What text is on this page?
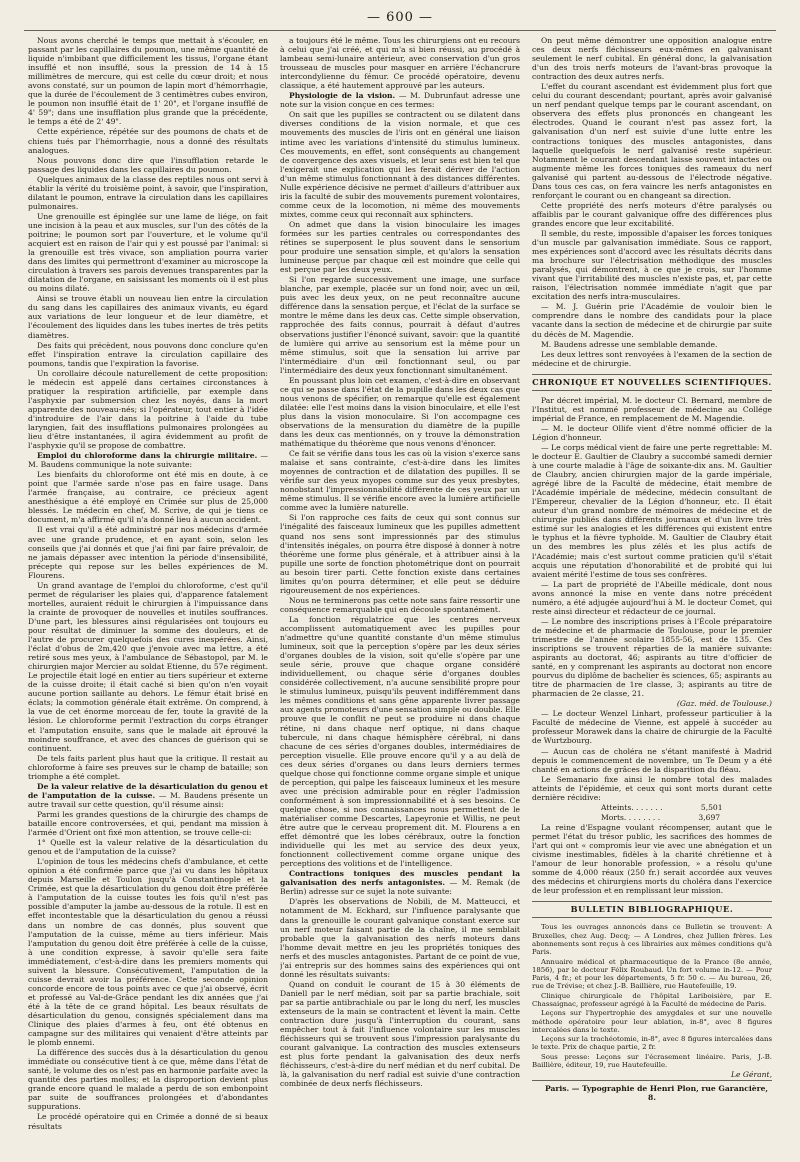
— 600 —

Nous avons cherché le temps que mettait à s'écouler, en passant par les capillaires du poumon, une même quantité de liquide n'imbibant que difficilement les tissus, l'organe étant insufflé et non insufflé, sous la pression de 14 à 15 millimètres de mercure, qui est celle du cœur droit; et nous avons constaté, sur un poumon de lapin mort d'hémorrhagie, que la durée de l'écoulement de 3 centimètres cubes environ, le poumon non insufflé était de 1' 20", et l'organe insufflé de 4' 59"; dans une insufflation plus grande que la précédente, le temps a été de 2' 49".

Cette expérience, répétée sur des poumons de chats et de chiens tués par l'hémorrhagie, nous a donné des résultats analogues.

Nous pouvons donc dire que l'insufflation retarde le passage des liquides dans les capillaires du poumon.

Quelques animaux de la classe des reptiles nous ont servi à établir la vérité du troisième point, à savoir, que l'inspiration, dilatant le poumon, entrave la circulation dans les capillaires pulmonaires.

Une grenouille est épinglée sur une lame de liége, on fait une incision à la peau et aux muscles, sur l'un des côtés de la poitrine; le poumon sort par l'ouverture, et le volume qu'il acquiert est en raison de l'air qui y est poussé par l'animal: si la grenouille est très vivace, son ampliation pourra varier dans des limites qui permettront d'examiner au microscope la circulation à travers ses parois devenues transparentes par la dilatation de l'organe, en saisissant les moments où il est plus ou moins dilaté.

Ainsi se trouve établi un nouveau lien entre la circulation du sang dans les capillaires des animaux vivants, eu égard aux variations de leur longueur et de leur diamètre, et l'écoulement des liquides dans les tubes inertes de très petits diamètres.

Des faits qui précèdent, nous pouvons donc conclure qu'en effet l'inspiration entrave la circulation capillaire des poumons, tandis que l'expiration la favorise.

Un corollaire découle naturellement de cette proposition: le médecin est appelé dans certaines circonstances à pratiquer la respiration artificielle, par exemple dans l'asphyxie par submersion chez les noyés, dans la mort apparente des nouveau-nés; si l'opérateur, tout entier à l'idée d'introduire de l'air dans la poitrine à l'aide du tube laryngien, fait des insufflations pulmonaires prolongées au lieu d'être instantanées, il agira évidemment au profit de l'asphyxie qu'il se propose de combattre.

Emploi du chloroforme dans la chirurgie militaire. — M. Baudens communique la note suivante:

Les bienfaits du chloroforme ont été mis en doute, à ce point que l'armée sarde n'ose pas en faire usage. Dans l'armée française, au contraire, ce précieux agent anesthésique a été employé en Crimée sur plus de 25,000 blessés. Le médecin en chef, M. Scrive, de qui je tiens ce document, m'a affirmé qu'il n'a donné lieu à aucun accident.

Il est vrai qu'il a été administré par nos médecins d'armée avec une grande prudence, et en ayant soin, selon les conseils que j'ai donnés et que j'ai fini par faire prévaloir, de ne jamais dépasser avec intention la période d'insensibilité, précepte qui repose sur les belles expériences de M. Flourens.

Un grand avantage de l'emploi du chloroforme, c'est qu'il permet de régulariser les plaies qui, d'apparence fatalement mortelles, auraient réduit le chirurgien à l'impuissance dans la crainte de provoquer de nouvelles et inutiles souffrances. D'une part, les blessures ainsi régularisées ont toujours eu pour résultat de diminuer la somme des douleurs, et de l'autre de procurer quelquefois des cures inespérées. Ainsi, l'éclat d'obus de 2m,420 que j'envoie avec ma lettre, a été retiré sous mes yeux, à l'ambulance de Sébastopol, par M. le chirurgien major Mercier au soldat Etienne, du 57e régiment. Le projectile était logé en entier au tiers supérieur et externe de la cuisse droite; il était caché si bien qu'on n'en voyait aucune portion saillante au dehors. Le fémur était brisé en éclats; la commotion générale était extrême. On comprend, à la vue de cet énorme morceau de fer, toute la gravité de la lésion. Le chloroforme permit l'extraction du corps étranger et l'amputation ensuite, sans que le malade ait éprouvé la moindre souffrance, et avec des chances de guérison qui se continuent.

De tels faits parlent plus haut que la critique. Il restait au chloroforme à faire ses preuves sur le champ de bataille; son triomphe a été complet.

De la valeur relative de la désarticulation du genou et de l'amputation de la cuisse. — M. Baudens présente un autre travail sur cette question, qu'il résume ainsi:

Parmi les grandes questions de la chirurgie des champs de bataille encore controversées, et qui, pendant ma mission à l'armée d'Orient ont fixé mon attention, se trouve celle-ci:

1° Quelle est la valeur relative de la désarticulation du genou et de l'amputation de la cuisse?

L'opinion de tous les médecins chefs d'ambulance, et cette opinion a été confirmée parce que j'ai vu dans les hôpitaux depuis Marseille et Toulon jusqu'à Constantinople et la Crimée, est que la désarticulation du genou doit être préférée à l'amputation de la cuisse toutes les fois qu'il n'est pas possible d'amputer la jambe au-dessous de la rotule. Il est en effet incontestable que la désarticulation du genou a réussi dans un nombre de cas donnés, plus souvent que l'amputation de la cuisse, même au tiers inférieur. Mais l'amputation du genou doit être préférée à celle de la cuisse, à une condition expresse, à savoir qu'elle sera faite immédiatement, c'est-à-dire dans les premiers moments qui suivent la blessure. Consécutivement, l'amputation de la cuisse devrait avoir la préférence. Cette seconde opinion concorde encore de tous points avec ce que j'ai observé, écrit et professé au Val-de-Grâce pendant les dix années que j'ai été à la tête de ce grand hôpital. Les beaux résultats de désarticulation du genou, consignés spécialement dans ma Clinique des plaies d'armes à feu, ont été obtenus en campagne sur des militaires qui venaient d'être atteints par le plomb ennemi.

La différence des succès dus à la désarticulation du genou immédiate ou consécutive tient à ce que, même dans l'état de santé, le volume des os n'est pas en harmonie parfaite avec la quantité des parties molles; et la disproportion devient plus grande encore quand le malade a perdu de son embonpoint par suite de souffrances prolongées et d'abondantes suppurations.

Le procédé opératoire qui en Crimée a donné de si beaux résultats

a toujours été le même. Tous les chirurgiens ont eu recours à celui que j'ai créé, et qui m'a si bien réussi, au procédé à lambeau semi-lunaire antérieur, avec conservation d'un gros trousseau de muscles pour masquer en arrière l'échancrure intercondylienne du fémur. Ce procédé opératoire, devenu classique, a été hautement approuvé par les auteurs.

Physiologie de la vision. — M. Dubrunfaut adresse une note sur la vision conçue en ces termes:

On sait que les pupilles se contractent ou se dilatent dans diverses conditions de la vision normale, et que ces mouvements des muscles de l'iris ont en général une liaison intime avec les variations d'intensité du stimulus lumineux. Ces mouvements, en effet, sont conséquents au changement de convergence des axes visuels, et leur sens est bien tel que l'exigerait une explication qui les ferait dériver de l'action d'un même stimulus fonctionnant à des distances différentes. Nulle expérience décisive ne permet d'ailleurs d'attribuer aux iris la faculté de subir des mouvements purement volontaires, comme ceux de la locomotion, ni même des mouvements mixtes, comme ceux qui reconnaît aux sphincters.

On admet que dans la vision binoculaire les images formées sur les parties centrales ou correspondantes des rétines se superposent le plus souvent dans le sensorium pour produire une sensation simple, et qu'alors la sensation lumineuse perçue par chaque œil est moindre que celle qui est perçue par les deux yeux.

Si l'on regarde successivement une image, une surface blanche, par exemple, placée sur un fond noir, avec un œil, puis avec les deux yeux, on ne peut reconnaître aucune différence dans la sensation perçue, et l'éclat de la surface se montre le même dans les deux cas. Cette simple observation, rapprochée des faits connus, pourrait à défaut d'autres observations justifier l'énoncé suivant, savoir: que la quantité de lumière qui arrive au sensorium est la même pour un même stimulus, soit que la sensation lui arrive par l'intermédiaire d'un œil fonctionnant seul, ou par l'intermédiaire des deux yeux fonctionnant simultanément.

En poussant plus loin cet examen, c'est-à-dire en observant ce qui se passe dans l'état de la pupille dans les deux cas que nous venons de spécifier, on remarque qu'elle est également dilatée: elle l'est moins dans la vision binoculaire, et elle l'est plus dans la vision monoculaire. Si l'on accompagne ces observations de la mensuration du diamètre de la pupille dans les deux cas mentionnés, on y trouve la démonstration mathématique du théorème que nous venons d'énoncer.

Ce fait se vérifie dans tous les cas où la vision s'exerce sans malaise et sans contrainte, c'est-à-dire dans les limites moyennes de contraction et de dilatation des pupilles. Il se vérifie sur des yeux myopes comme sur des yeux presbytes, nonobstant l'impressionnabilité différente de ces yeux par un même stimulus. Il se vérifie encore avec la lumière artificielle comme avec la lumière naturelle.

Si l'on rapproche ces faits de ceux qui sont connus sur l'inégalité des faisceaux lumineux que les pupilles admettent quand nos sens sont impressionnés par des stimulus d'intensités inégales, on pourra être disposé à donner à notre théorème une forme plus générale, et à attribuer ainsi à la pupille une sorte de fonction photométrique dont on pourrait au besoin tirer parti. Cette fonction existe dans certaines limites qu'on pourra déterminer, et elle peut se déduire rigoureusement de nos expériences.

Nous ne terminerons pas cette note sans faire ressortir une conséquence remarquable qui en découle spontanément.

La fonction régulatrice que les centres nerveux accomplissent automatiquement avec les pupilles pour n'admettre qu'une quantité constante d'un même stimulus lumineux, soit que la perception s'opère par les deux séries d'organes doubles de la vision, soit qu'elle s'opère par une seule série, prouve que chaque organe considéré individuellement, ou chaque série d'organes doubles considérée collectivement, n'a aucune sensibilité propre pour le stimulus lumineux, puisqu'ils peuvent indifféremment dans les mêmes conditions et sans gêne apparente livrer passage aux agents promoteurs d'une sensation simple ou double. Elle prouve que le conflit ne peut se produire ni dans chaque rétine, ni dans chaque nerf optique, ni dans chaque tubercule, ni dans chaque hémisphère cérébral, ni dans chacune de ces séries d'organes doubles, intermédiaires de perception visuelle. Elle prouve encore qu'il y a au delà de ces deux séries d'organes ou dans leurs derniers termes quelque chose qui fonctionne comme organe simple et unique de perception, qui palpe les faisceaux lumineux et les mesure avec une précision admirable pour en régler l'admission conformément à son impressionnabilité et à ses besoins. Ce quelque chose, si nos connaissances nous permettent de le matérialiser comme Descartes, Lapeyronie et Willis, ne peut être autre que le cerveau proprement dit. M. Flourens a en effet démontré que les lobes cérébraux, outre la fonction individuelle qui les met au service des deux yeux, fonctionnent collectivement comme organe unique des perceptions des volitions et de l'intelligence.

Contractions toniques des muscles pendant la galvanisation des nerfs antagonistes. — M. Remak (de Berlin) adresse sur ce sujet la note suivante:

D'après les observations de Nobili, de M. Matteucci, et notamment de M. Eckhard, sur l'influence paralysante que dans la grenouille le courant galvanique constant exerce sur un nerf moteur faisant partie de la chaîne, il me semblait probable que la galvanisation des nerfs moteurs dans l'homme devait mettre en jeu les propriétés toniques des nerfs et des muscles antagonistes. Partant de ce point de vue, j'ai entrepris sur des hommes sains des expériences qui ont donné les résultats suivants:

Quand on conduit le courant de 15 à 30 éléments de Daniell par le nerf médian, soit par sa partie brachiale, soit par sa partie antibrachiale ou par le long du nerf, les muscles extenseurs de la main se contractent et lèvent la main. Cette contraction dure jusqu'à l'interruption du courant, sans empêcher tout à fait l'influence volontaire sur les muscles fléchisseurs qui se trouvent sous l'impression paralysante du courant galvanique. La contraction des muscles extenseurs est plus forte pendant la galvanisation des deux nerfs fléchisseurs, c'est-à-dire du nerf médian et du nerf cubital. De là, la galvanisation du nerf radial est suivie d'une contraction combinée de deux nerfs fléchisseurs.

On peut même démontrer une opposition analogue entre ces deux nerfs fléchisseurs eux-mêmes en galvanisant seulement le nerf cubital. En général donc, la galvanisation d'un des trois nerfs moteurs de l'avant-bras provoque la contraction des deux autres nerfs.

L'effet du courant ascendant est évidemment plus fort que celui du courant descendant; pourtant, après avoir galvanisé un nerf pendant quelque temps par le courant ascendant, on observera des effets plus prononcés en changeant les électrodes. Quand le courant n'est pas assez fort, la galvanisation d'un nerf est suivie d'une lutte entre les contractions toniques des muscles antagonistes, dans laquelle quelquefois le nerf galvanisé reste supérieur. Notamment le courant descendant laisse souvent intactes ou augmente même les forces toniques des rameaux du nerf galvanisé qui partent au-dessous de l'électrode négative. Dans tous ces cas, on fera vaincre les nerfs antagonistes en renforçant le courant ou en changeant sa direction.

Cette propriété des nerfs moteurs d'être paralysés ou affaiblis par le courant galvanique offre des différences plus grandes encore que leur excitabilité.

Il semble, du reste, impossible d'apaiser les forces toniques d'un muscle par galvanisation immédiate. Sous ce rapport, mes expériences sont d'accord avec les résultats décrits dans ma brochure sur l'électrisation méthodique des muscles paralysés, qui démontrent, à ce que je crois, sur l'homme vivant que l'irritabilité des muscles n'existe pas, et, par cette raison, l'électrisation nommée immédiate n'agit que par excitation des nerfs intra-musculaires.

— M. J. Guérin prie l'Académie de vouloir bien le comprendre dans le nombre des candidats pour la place vacante dans la section de médecine et de chirurgie par suite du décès de M. Magendie.

M. Baudens adresse une semblable demande.

Les deux lettres sont renvoyées à l'examen de la section de médecine et de chirurgie.

CHRONIQUE ET NOUVELLES SCIENTIFIQUES.

Par décret impérial, M. le docteur Cl. Bernard, membre de l'Institut, est nommé professeur de médecine au Collége impérial de France, en remplacement de M. Magendie.

— M. le docteur Ollife vient d'être nommé officier de la Légion d'honneur.

— Le corps médical vient de faire une perte regrettable: M. le docteur E. Gaultier de Claubry a succombé samedi dernier à une courte maladie à l'âge de soixante-dix ans. M. Gaultier de Claubry, ancien chirurgien major de la garde impériale, agrégé libre de la Faculté de médecine, était membre de l'Académie impériale de médecine, médecin consultant de l'Empereur, chevalier de la Légion d'honneur, etc. Il était auteur d'un grand nombre de mémoires de médecine et de chirurgie publiés dans différents journaux et d'un livre très estimé sur les analogies et les différences qui existent entre le typhus et la fièvre typhoïde. M. Gaultier de Claubry était un des membres les plus zélés et les plus actifs de l'Académie; mais c'est surtout comme praticien qu'il s'était acquis une réputation d'honorabilité et de probité qui lui avaient mérité l'estime de tous ses confrères.

— La part de propriété de l'Abeille médicale, dont nous avons annoncé la mise en vente dans notre précédent numéro, a été adjugée aujourd'hui à M. le docteur Comet, qui reste ainsi directeur et rédacteur de ce journal.

— Le nombre des inscriptions prises à l'École préparatoire de médecine et de pharmacie de Toulouse, pour le premier trimestre de l'année scolaire 1855-56, est de 135. Ces inscriptions se trouvent réparties de la manière suivante: aspirants au doctorat, 46; aspirants au titre d'officier de santé, en y comprenant les aspirants au doctorat non encore pourvus du diplôme de bachelier ès sciences, 65; aspirants au titre de pharmacien de 1re classe, 3; aspirants au titre de pharmacien de 2e classe, 21.

(Gaz. méd. de Toulouse.)

— Le docteur Wenzel Linhart, professeur particulier à la Faculté de médecine de Vienne, est appelé à succéder au professeur Morawek dans la chaire de chirurgie de la Faculté de Wurtzbourg.

— Aucun cas de choléra ne s'étant manifesté à Madrid depuis le commencement de novembre, un Te Deum y a été chanté en actions de grâces de la disparition du fléau.

Le Semanario fixe ainsi le nombre total des malades atteints de l'épidémie, et ceux qui sont morts durant cette dernière récidive:

Atteints. . . . . . .	5,501

Morts. . . . . . . .	3,697

La reine d'Espagne voulant récompenser, autant que le permet l'état du trésor public, les sacrifices des hommes de l'art qui ont « compromis leur vie avec une abnégation et un civisme inestimables, fidèles à la charité chrétienne et à l'amour de leur honorable profession, » a résolu qu'une somme de 4,000 réaux (250 fr.) serait accordée aux veuves des médecins et chirurgiens morts du choléra dans l'exercice de leur profession et en remplissant leur mission.

BULLETIN BIBLIOGRAPHIQUE.

Tous les ouvrages annoncés dans ce Bulletin se trouvent: A Bruxelles, chez Aug. Decq; — A Londres, chez Jullien frères. Les abonnements sont reçus à ces librairies aux mêmes conditions qu'à Paris.

Annuaire médical et pharmaceutique de la France (8e année, 1856), par le docteur Félix Roubaud. Un fort volume in-12. — Pour Paris, 4 fr.; et pour les départements, 5 fr. 50 c. — Au bureau, 26, rue de Trévise; et chez J.-B. Baillière, rue Hautefeuille, 19.

Clinique chirurgicale de l'hôpital Lariboisière, par E. Chassaignac, professeur agrégé à la Faculté de médecine de Paris.

Leçons sur l'hypertrophie des amygdales et sur une nouvelle méthode opératoire pour leur ablation, in-8°, avec 8 figures intercalées dans le texte.

Leçons sur la trachéotomie, in-8°, avec 8 figures intercalées dans le texte. Prix de chaque partie, 2 fr.

Sous presse: Leçons sur l'écrasement linéaire. Paris, J.-B. Baillière, éditeur, 19, rue Hautefeuille.

Le Gérant,

Paris. — Typographie de Henri Plon, rue Garancière, 8.
